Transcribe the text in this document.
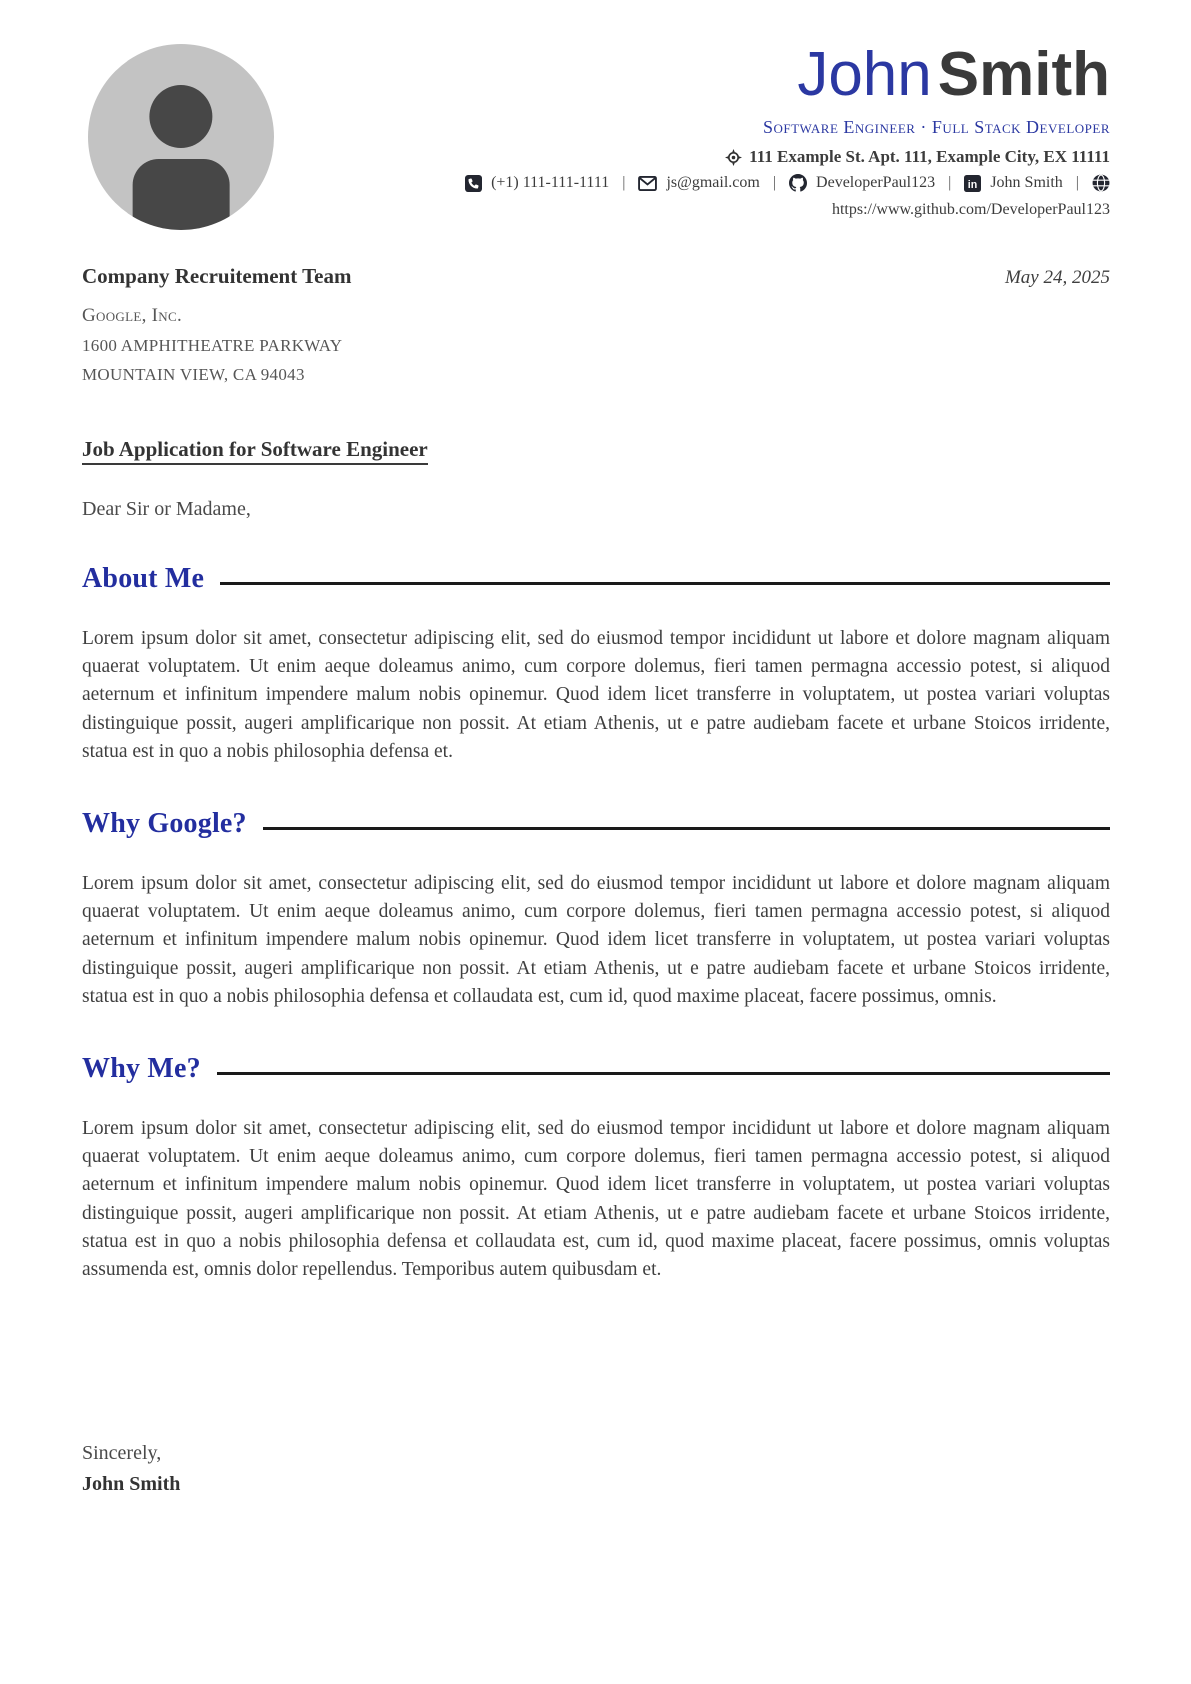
JohnSmith
Software Engineer · Full Stack Developer
111 Example St. Apt. 111, Example City, EX 11111
(+1) 111-111-1111 |	js@gmail.com |	DeveloperPaul123 | in John Smith |
https://www.github.com/DeveloperPaul123
Company Recruitement Team	May 24, 2025
Google, Inc.
1600 AMPHITHEATRE PARKWAY
MOUNTAIN VIEW, CA 94043
Job Application for Software Engineer
Dear Sir or Madame,
About Me
Lorem ipsum dolor sit amet, consectetur adipiscing elit, sed do eiusmod tempor incididunt ut labore et dolore magnam aliquam quaerat voluptatem. Ut enim aeque doleamus animo, cum corpore dolemus, fieri tamen permagna accessio potest, si aliquod aeternum et infinitum impendere malum nobis opinemur. Quod idem licet transferre in voluptatem, ut postea variari voluptas distinguique possit, augeri amplificarique non possit. At etiam Athenis, ut e patre audiebam facete et urbane Stoicos irridente, statua est in quo a nobis philosophia defensa et.
Why Google?
Lorem ipsum dolor sit amet, consectetur adipiscing elit, sed do eiusmod tempor incididunt ut labore et dolore magnam aliquam quaerat voluptatem. Ut enim aeque doleamus animo, cum corpore dolemus, fieri tamen permagna accessio potest, si aliquod aeternum et infinitum impendere malum nobis opinemur. Quod idem licet transferre in voluptatem, ut postea variari voluptas distinguique possit, augeri amplificarique non possit. At etiam Athenis, ut e patre audiebam facete et urbane Stoicos irridente, statua est in quo a nobis philosophia defensa et collaudata est, cum id, quod maxime placeat, facere possimus, omnis.
Why Me?
Lorem ipsum dolor sit amet, consectetur adipiscing elit, sed do eiusmod tempor incididunt ut labore et dolore magnam aliquam quaerat voluptatem. Ut enim aeque doleamus animo, cum corpore dolemus, fieri tamen permagna accessio potest, si aliquod aeternum et infinitum impendere malum nobis opinemur. Quod idem licet transferre in voluptatem, ut postea variari voluptas distinguique possit, augeri amplificarique non possit. At etiam Athenis, ut e patre audiebam facete et urbane Stoicos irridente, statua est in quo a nobis philosophia defensa et collaudata est, cum id, quod maxime placeat, facere possimus, omnis voluptas assumenda est, omnis dolor repellendus. Temporibus autem quibusdam et.
Sincerely,
John Smith
